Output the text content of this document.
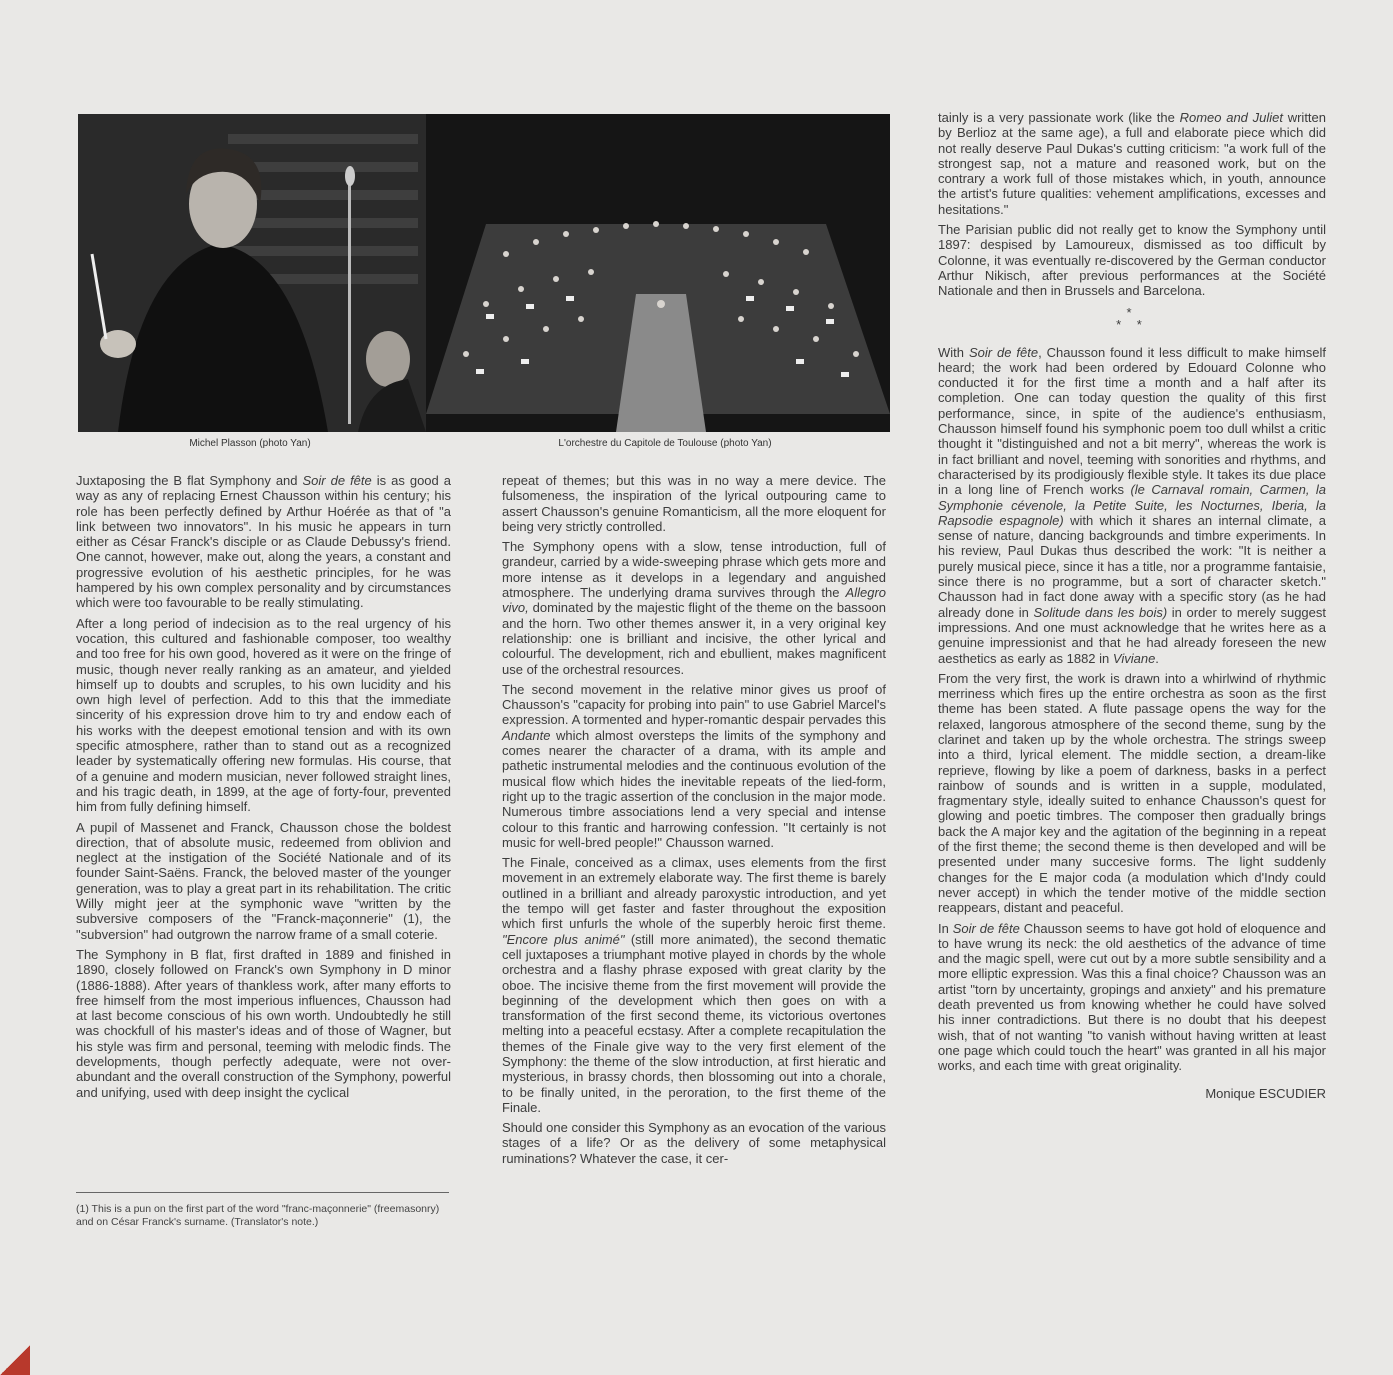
Michel Plasson (photo Yan)	L'orchestre du Capitole de Toulouse (photo Yan)

Juxtaposing the B flat Symphony and Soir de fête is as good a way as any of replacing Ernest Chausson within his century; his role has been perfectly defined by Arthur Hoérée as that of "a link between two innovators". In his music he appears in turn either as César Franck's disciple or as Claude Debussy's friend. One cannot, however, make out, along the years, a constant and progressive evolution of his aesthetic principles, for he was hampered by his own complex personality and by circumstances which were too favourable to be really stimulating.

After a long period of indecision as to the real urgency of his vocation, this cultured and fashionable composer, too wealthy and too free for his own good, hovered as it were on the fringe of music, though never really ranking as an amateur, and yielded himself up to doubts and scruples, to his own lucidity and his own high level of perfection. Add to this that the immediate sincerity of his expression drove him to try and endow each of his works with the deepest emotional tension and with its own specific atmosphere, rather than to stand out as a recognized leader by systematically offering new formulas. His course, that of a genuine and modern musician, never followed straight lines, and his tragic death, in 1899, at the age of forty-four, prevented him from fully defining himself.

A pupil of Massenet and Franck, Chausson chose the boldest direction, that of absolute music, redeemed from oblivion and neglect at the instigation of the Société Nationale and of its founder Saint-Saëns. Franck, the beloved master of the younger generation, was to play a great part in its rehabilitation. The critic Willy might jeer at the symphonic wave "written by the subversive composers of the "Franck-maçonnerie" (1), the "subversion" had outgrown the narrow frame of a small coterie.

The Symphony in B flat, first drafted in 1889 and finished in 1890, closely followed on Franck's own Symphony in D minor (1886-1888). After years of thankless work, after many efforts to free himself from the most imperious influences, Chausson had at last become conscious of his own worth. Undoubtedly he still was chockfull of his master's ideas and of those of Wagner, but his style was firm and personal, teeming with melodic finds. The developments, though perfectly adequate, were not over-abundant and the overall construction of the Symphony, powerful and unifying, used with deep insight the cyclical

(1) This is a pun on the first part of the word "franc-maçonnerie" (freemasonry) and on César Franck's surname. (Translator's note.)

repeat of themes; but this was in no way a mere device. The fulsomeness, the inspiration of the lyrical outpouring came to assert Chausson's genuine Romanticism, all the more eloquent for being very strictly controlled.

The Symphony opens with a slow, tense introduction, full of grandeur, carried by a wide-sweeping phrase which gets more and more intense as it develops in a legendary and anguished atmosphere. The underlying drama survives through the Allegro vivo, dominated by the majestic flight of the theme on the bassoon and the horn. Two other themes answer it, in a very original key relationship: one is brilliant and incisive, the other lyrical and colourful. The development, rich and ebullient, makes magnificent use of the orchestral resources.

The second movement in the relative minor gives us proof of Chausson's "capacity for probing into pain" to use Gabriel Marcel's expression. A tormented and hyper-romantic despair pervades this Andante which almost oversteps the limits of the symphony and comes nearer the character of a drama, with its ample and pathetic instrumental melodies and the continuous evolution of the musical flow which hides the inevitable repeats of the lied-form, right up to the tragic assertion of the conclusion in the major mode. Numerous timbre associations lend a very special and intense colour to this frantic and harrowing confession. "It certainly is not music for well-bred people!" Chausson warned.

The Finale, conceived as a climax, uses elements from the first movement in an extremely elaborate way. The first theme is barely outlined in a brilliant and already paroxystic introduction, and yet the tempo will get faster and faster throughout the exposition which first unfurls the whole of the superbly heroic first theme. "Encore plus animé" (still more animated), the second thematic cell juxtaposes a triumphant motive played in chords by the whole orchestra and a flashy phrase exposed with great clarity by the oboe. The incisive theme from the first movement will provide the beginning of the development which then goes on with a transformation of the first second theme, its victorious overtones melting into a peaceful ecstasy. After a complete recapitulation the themes of the Finale give way to the very first element of the Symphony: the theme of the slow introduction, at first hieratic and mysterious, in brassy chords, then blossoming out into a chorale, to be finally united, in the peroration, to the first theme of the Finale.

Should one consider this Symphony as an evocation of the various stages of a life? Or as the delivery of some metaphysical ruminations? Whatever the case, it cer-

tainly is a very passionate work (like the Romeo and Juliet written by Berlioz at the same age), a full and elaborate piece which did not really deserve Paul Dukas's cutting criticism: "a work full of the strongest sap, not a mature and reasoned work, but on the contrary a work full of those mistakes which, in youth, announce the artist's future qualities: vehement amplifications, excesses and hesitations."

The Parisian public did not really get to know the Symphony until 1897: despised by Lamoureux, dismissed as too difficult by Colonne, it was eventually re-discovered by the German conductor Arthur Nikisch, after previous performances at the Société Nationale and then in Brussels and Barcelona.

*
* *

With Soir de fête, Chausson found it less difficult to make himself heard; the work had been ordered by Edouard Colonne who conducted it for the first time a month and a half after its completion. One can today question the quality of this first performance, since, in spite of the audience's enthusiasm, Chausson himself found his symphonic poem too dull whilst a critic thought it "distinguished and not a bit merry", whereas the work is in fact brilliant and novel, teeming with sonorities and rhythms, and characterised by its prodigiously flexible style. It takes its due place in a long line of French works (le Carnaval romain, Carmen, la Symphonie cévenole, la Petite Suite, les Nocturnes, Iberia, la Rapsodie espagnole) with which it shares an internal climate, a sense of nature, dancing backgrounds and timbre experiments. In his review, Paul Dukas thus described the work: "It is neither a purely musical piece, since it has a title, nor a programme fantaisie, since there is no programme, but a sort of character sketch." Chausson had in fact done away with a specific story (as he had already done in Solitude dans les bois) in order to merely suggest impressions. And one must acknowledge that he writes here as a genuine impressionist and that he had already foreseen the new aesthetics as early as 1882 in Viviane.

From the very first, the work is drawn into a whirlwind of rhythmic merriness which fires up the entire orchestra as soon as the first theme has been stated. A flute passage opens the way for the relaxed, langorous atmosphere of the second theme, sung by the clarinet and taken up by the whole orchestra. The strings sweep into a third, lyrical element. The middle section, a dream-like reprieve, flowing by like a poem of darkness, basks in a perfect rainbow of sounds and is written in a supple, modulated, fragmentary style, ideally suited to enhance Chausson's quest for glowing and poetic timbres. The composer then gradually brings back the A major key and the agitation of the beginning in a repeat of the first theme; the second theme is then developed and will be presented under many succesive forms. The light suddenly changes for the E major coda (a modulation which d'Indy could never accept) in which the tender motive of the middle section reappears, distant and peaceful.

In Soir de fête Chausson seems to have got hold of eloquence and to have wrung its neck: the old aesthetics of the advance of time and the magic spell, were cut out by a more subtle sensibility and a more elliptic expression. Was this a final choice? Chausson was an artist "torn by uncertainty, gropings and anxiety" and his premature death prevented us from knowing whether he could have solved his inner contradictions. But there is no doubt that his deepest wish, that of not wanting "to vanish without having written at least one page which could touch the heart" was granted in all his major works, and each time with great originality.

Monique ESCUDIER
